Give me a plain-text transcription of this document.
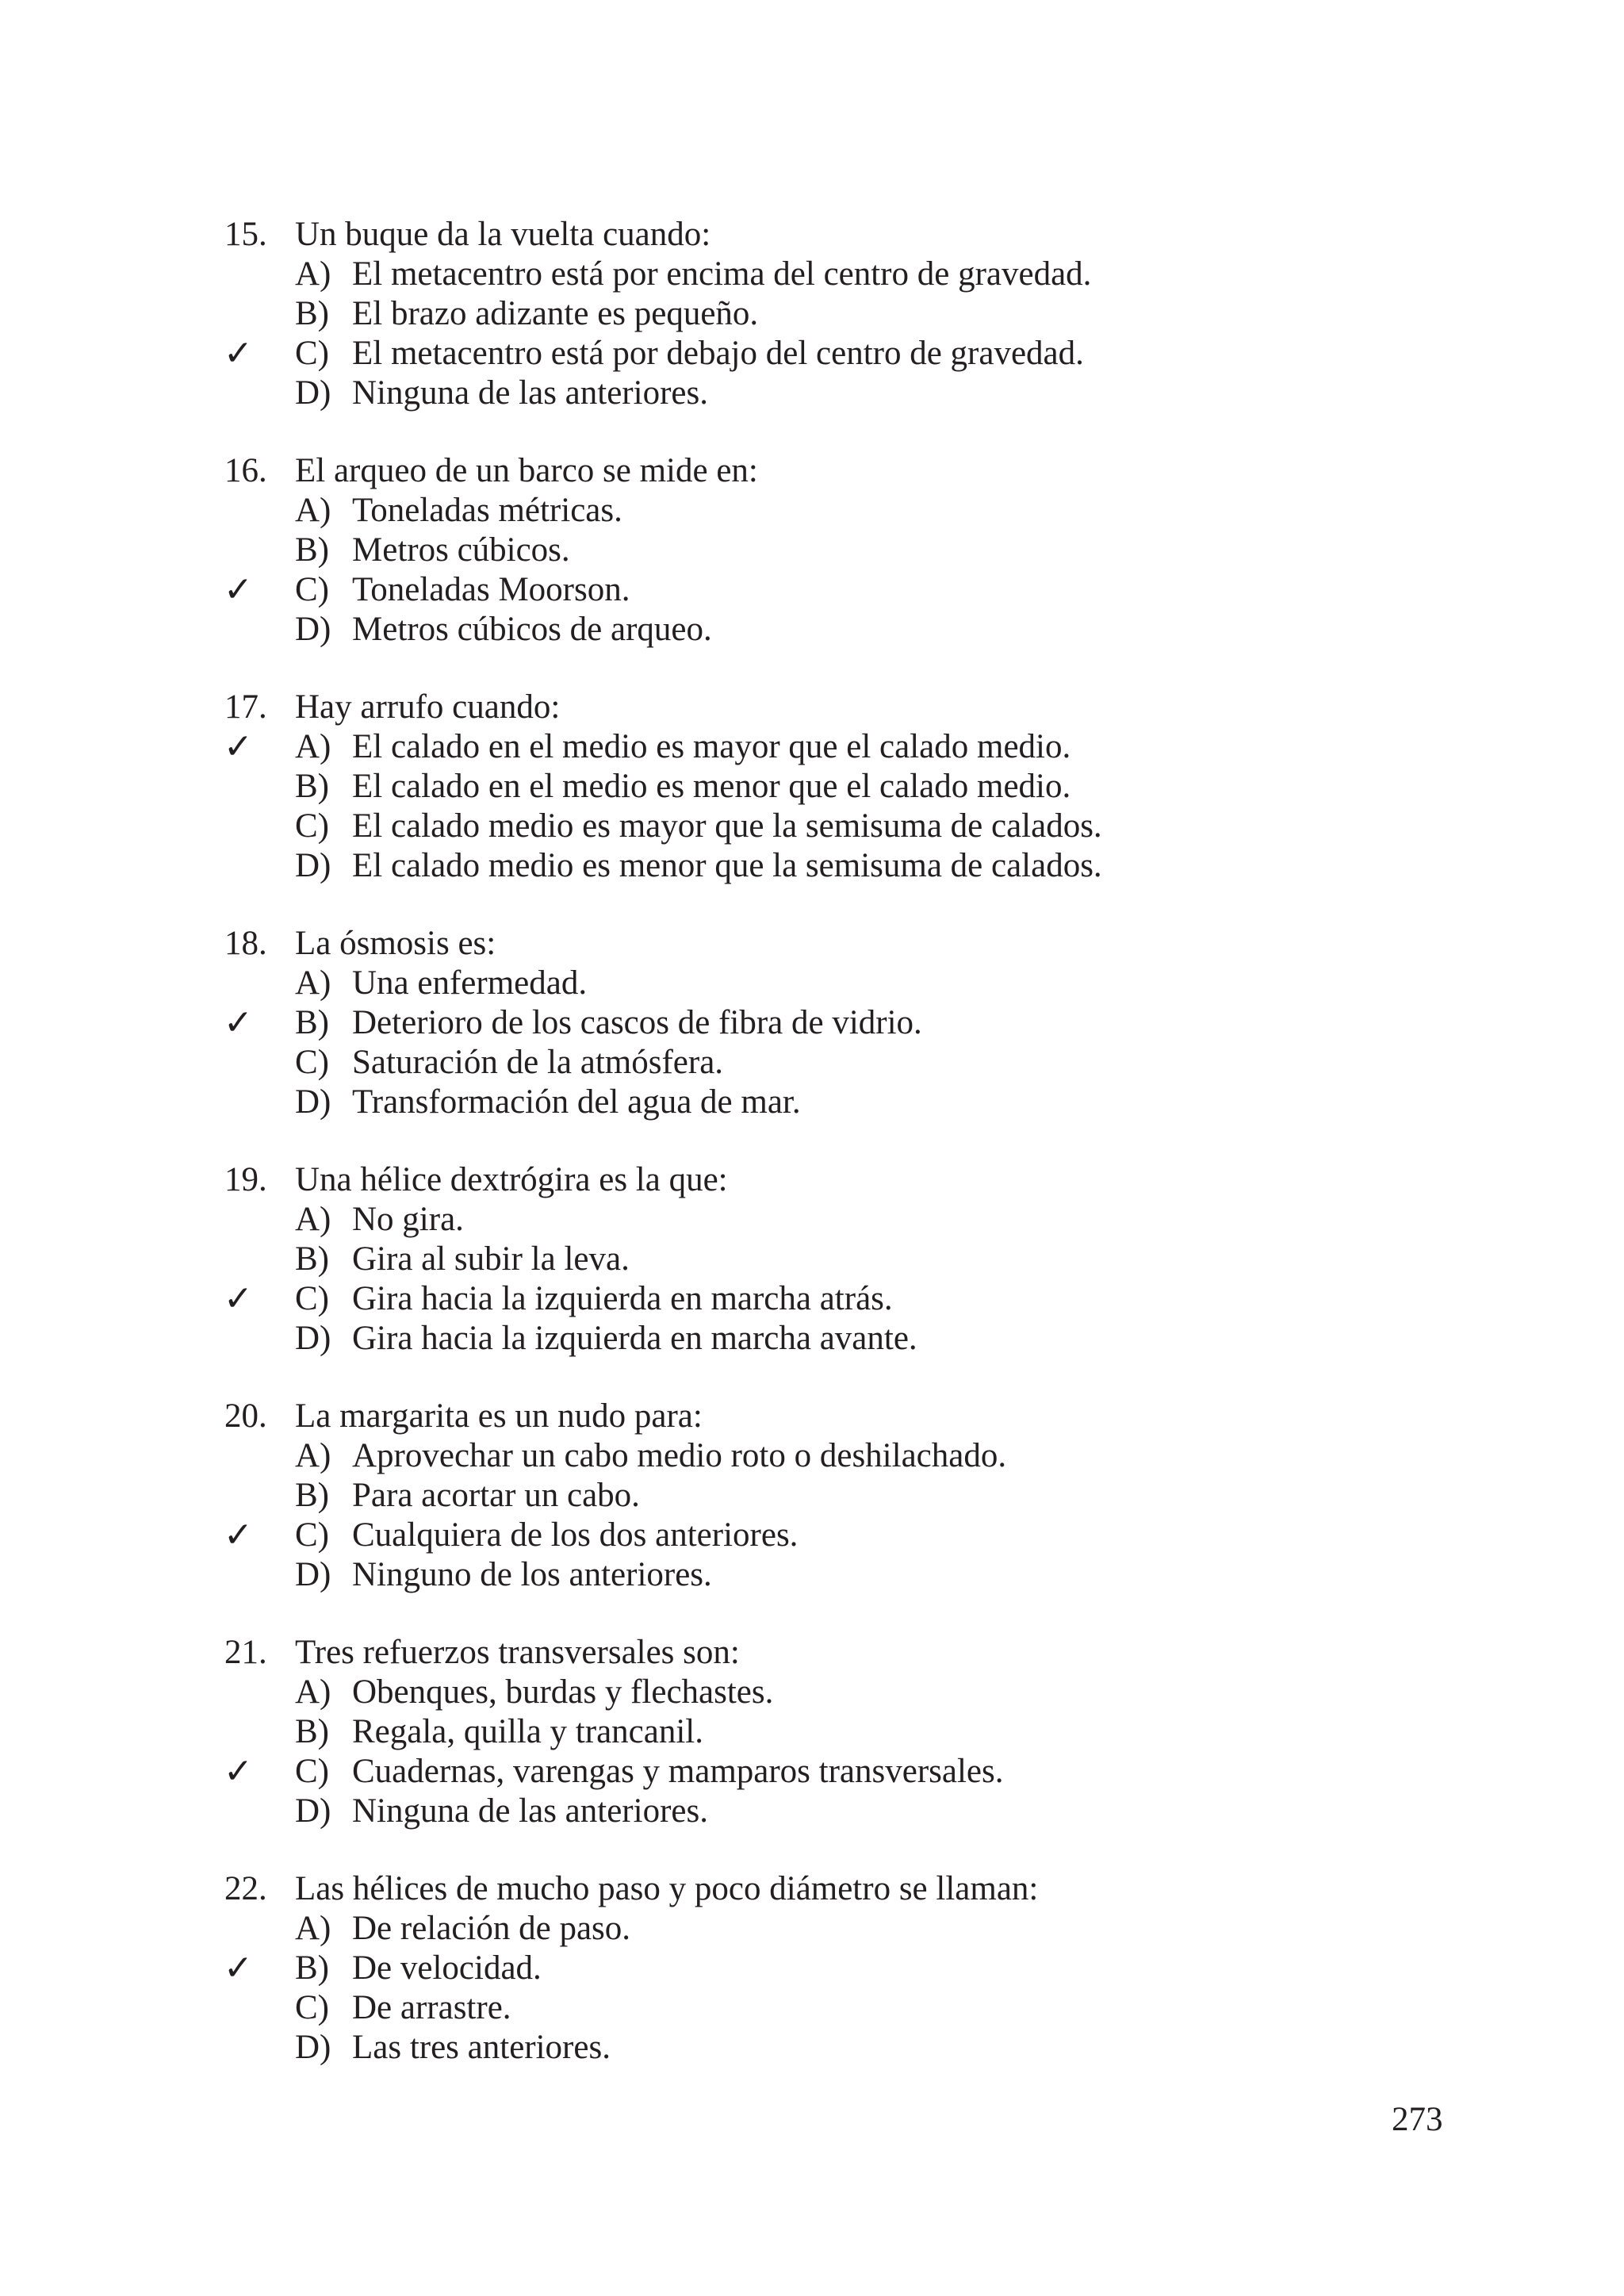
15. Un buque da la vuelta cuando:
A) El metacentro está por encima del centro de gravedad.
B) El brazo adizante es pequeño.
✓ C) El metacentro está por debajo del centro de gravedad.
D) Ninguna de las anteriores.
16. El arqueo de un barco se mide en:
A) Toneladas métricas.
B) Metros cúbicos.
✓ C) Toneladas Moorson.
D) Metros cúbicos de arqueo.
17. Hay arrufo cuando:
✓ A) El calado en el medio es mayor que el calado medio.
B) El calado en el medio es menor que el calado medio.
C) El calado medio es mayor que la semisuma de calados.
D) El calado medio es menor que la semisuma de calados.
18. La ósmosis es:
A) Una enfermedad.
✓ B) Deterioro de los cascos de fibra de vidrio.
C) Saturación de la atmósfera.
D) Transformación del agua de mar.
19. Una hélice dextrógira es la que:
A) No gira.
B) Gira al subir la leva.
✓ C) Gira hacia la izquierda en marcha atrás.
D) Gira hacia la izquierda en marcha avante.
20. La margarita es un nudo para:
A) Aprovechar un cabo medio roto o deshilachado.
B) Para acortar un cabo.
✓ C) Cualquiera de los dos anteriores.
D) Ninguno de los anteriores.
21. Tres refuerzos transversales son:
A) Obenques, burdas y flechastes.
B) Regala, quilla y trancanil.
✓ C) Cuadernas, varengas y mamparos transversales.
D) Ninguna de las anteriores.
22. Las hélices de mucho paso y poco diámetro se llaman:
A) De relación de paso.
✓ B) De velocidad.
C) De arrastre.
D) Las tres anteriores.
273
